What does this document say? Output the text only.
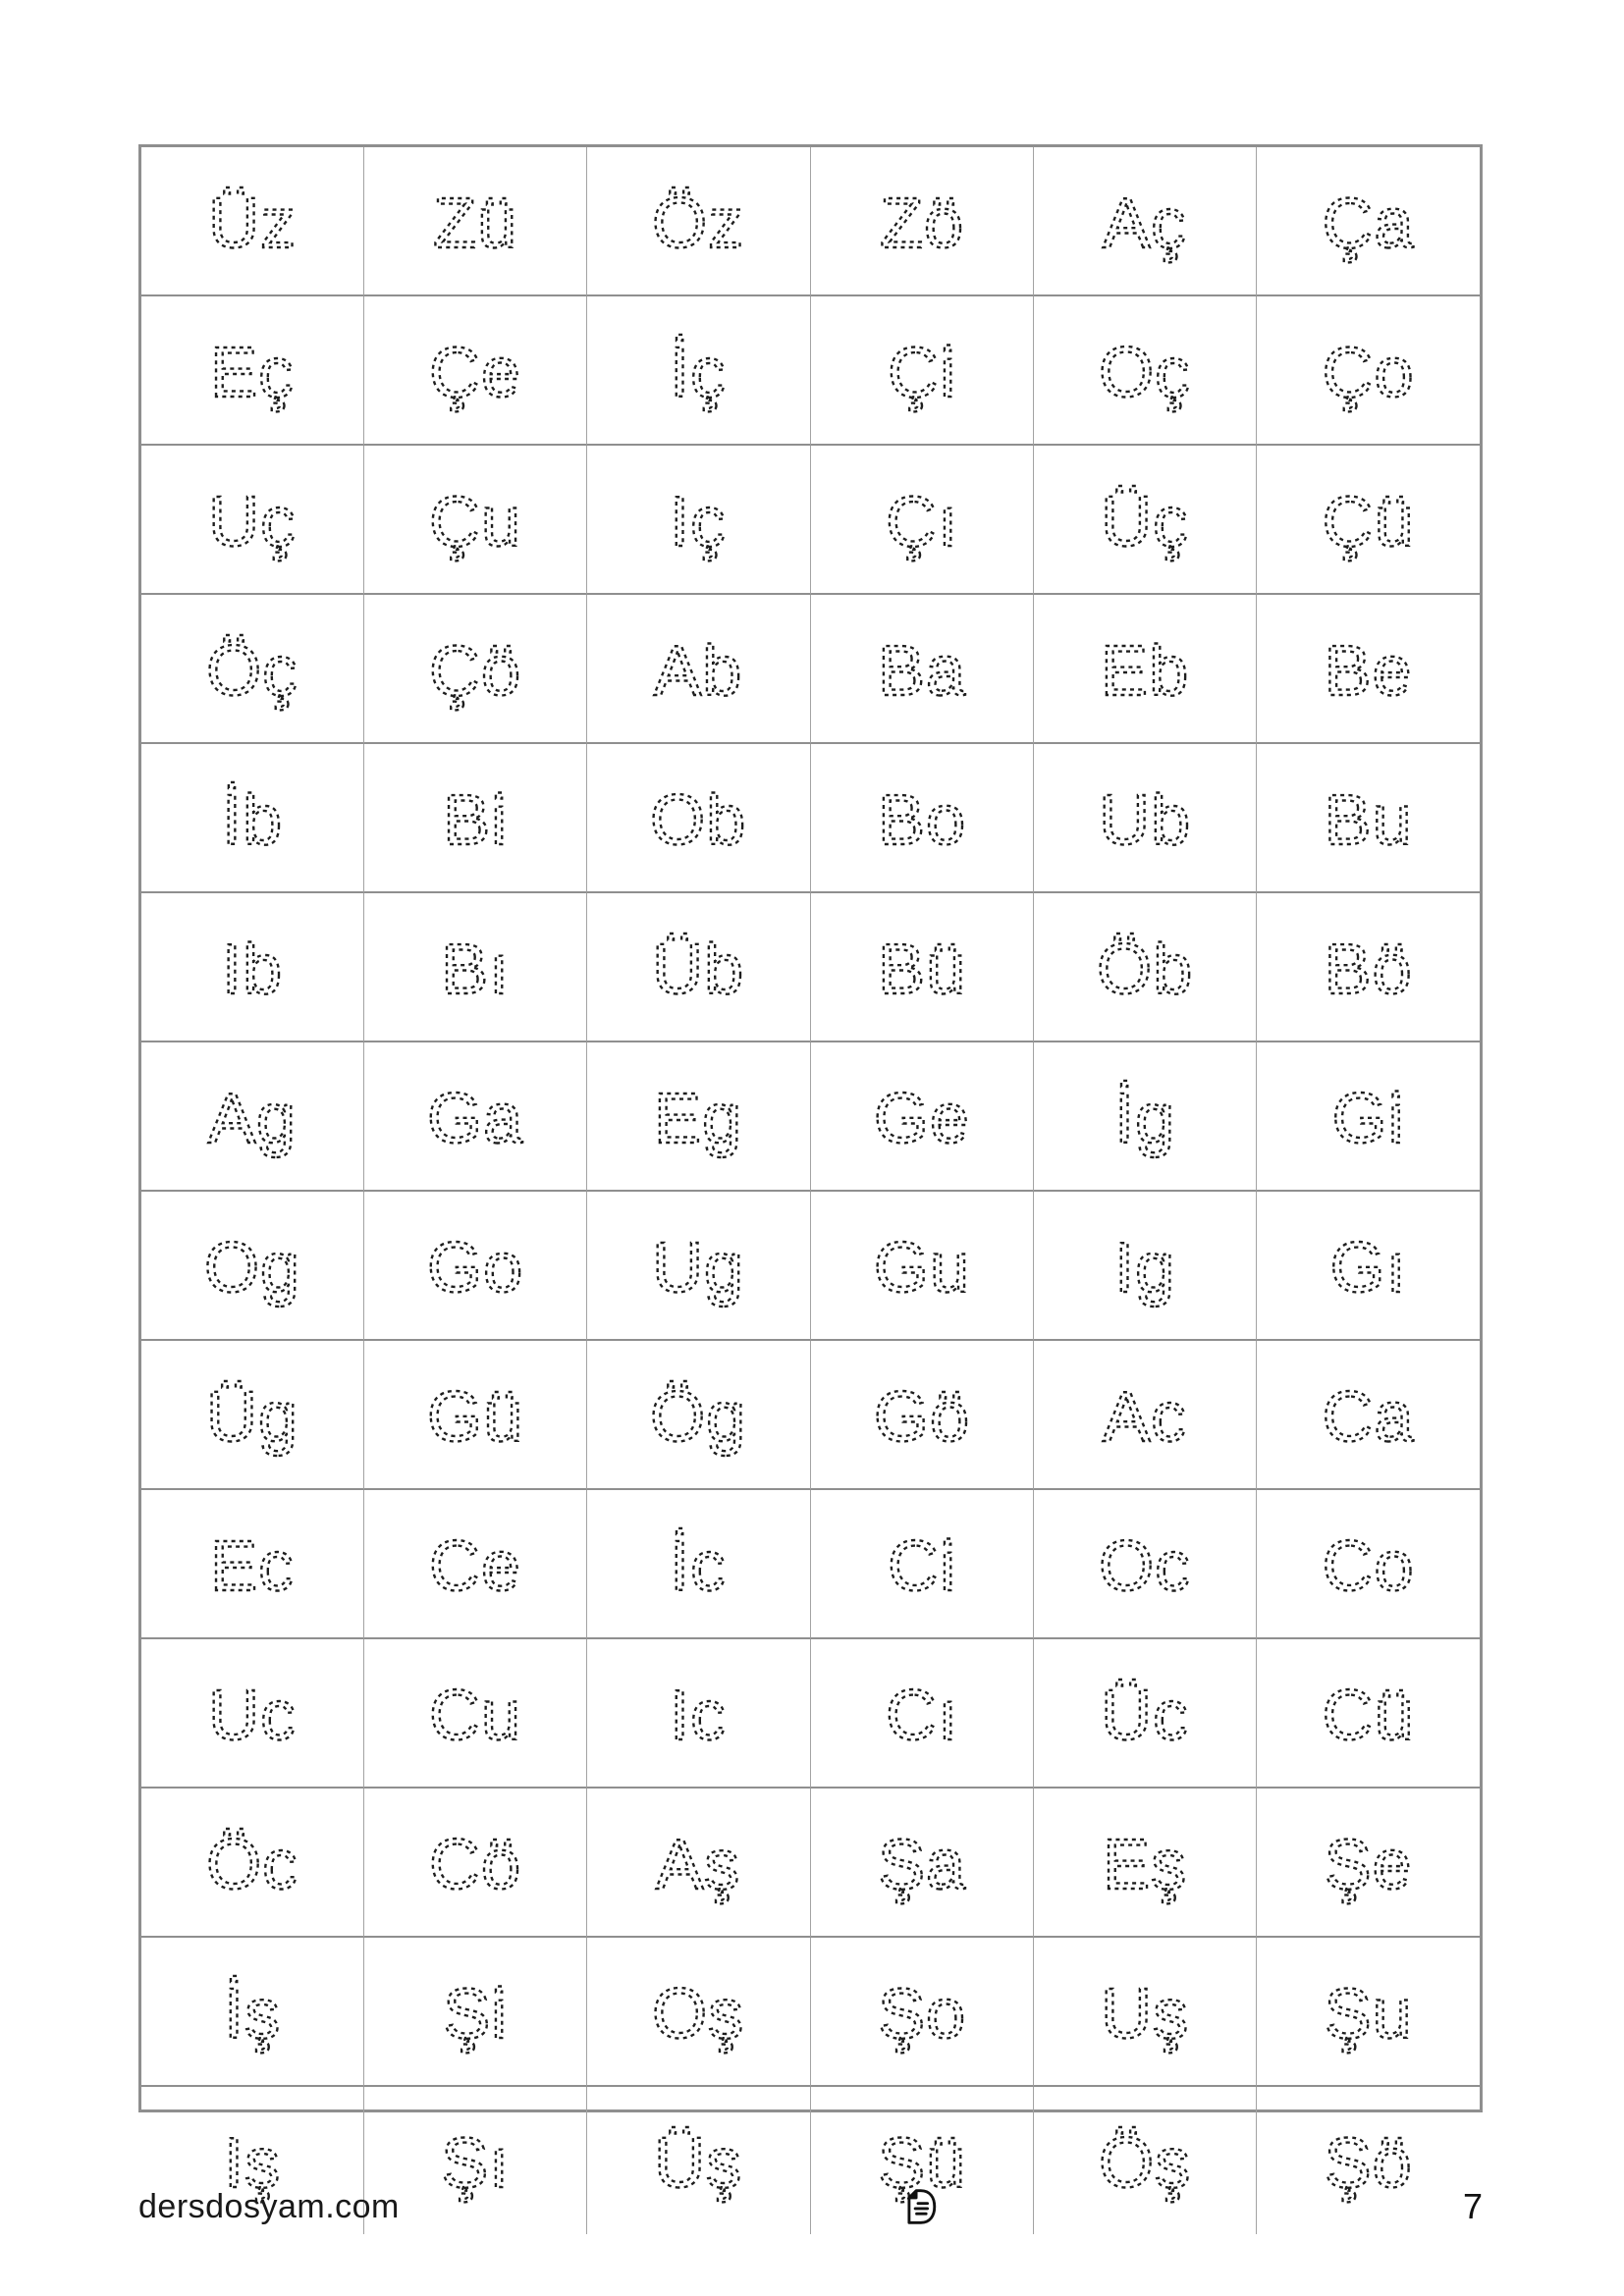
Üz Zü Öz Zö Aç Ça
Eç Çe İç Çi Oç Ço
Uç Çu Iç Çı Üç Çü
Öç Çö Ab Ba Eb Be
İb Bi Ob Bo Ub Bu
Ib Bı Üb Bü Öb Bö
Ag Ga Eg Ge İg Gi
Og Go Ug Gu Ig Gı
Üg Gü Ög Gö Ac Ca
Ec Ce İc Ci Oc Co
Uc Cu Ic Cı Üc Cü
Öc Cö Aş Şa Eş Şe
İş Şi Oş Şo Uş Şu
Iş Şı Üş Şü Öş Şö
dersdosyam.com	7
